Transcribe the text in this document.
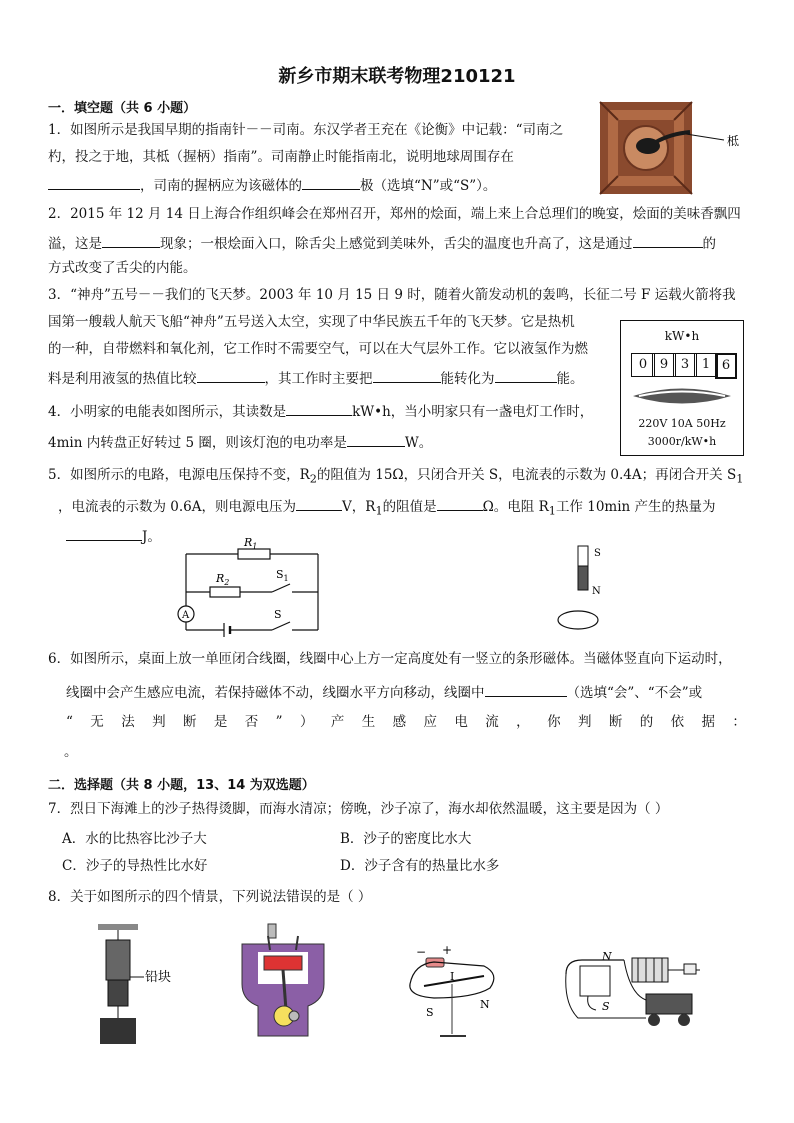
新乡市期末联考物理210121
一．填空题（共 6 小题）
1．如图所示是我国早期的指南针－－司南。东汉学者王充在《论衡》中记载：“司南之
杓，投之于地，其柢（握柄）指南”。司南静止时能指南北，说明地球周围存在
，司南的握柄应为该磁体的	极（选填“N”或“S”）。
柢
2．2015 年 12 月 14 日上海合作组织峰会在郑州召开，郑州的烩面，端上来上合总理们的晚宴，烩面的美味香飘四
溢，这是	现象；一根烩面入口，除舌尖上感觉到美味外，舌尖的温度也升高了，这是通过	的
方式改变了舌尖的内能。
3．“神舟”五号－－我们的飞天梦。2003 年 10 月 15 日 9 时，随着火箭发动机的轰鸣，长征二号 F 运载火箭将我
国第一艘载人航天飞船“神舟”五号送入太空，实现了中华民族五千年的飞天梦。它是热机
的一种，自带燃料和氧化剂，它工作时不需要空气，可以在大气层外工作。它以液氢作为燃
料是利用液氢的热值比较	，其工作时主要把	能转化为	能。
kW•h
0 9 3 1 6
220V 10A 50Hz
3000r/kW•h
4．小明家的电能表如图所示，其读数是	kW•h，当小明家只有一盏电灯工作时，
4min 内转盘正好转过 5 圈，则该灯泡的电功率是	W。
5．如图所示的电路，电源电压保持不变，$R_2$的阻值为 15Ω，只闭合开关 S，电流表的示数为 0.4A；再闭合开关 $S_1$
，电流表的示数为 0.6A，则电源电压为	V，$R_1$的阻值是	Ω。电阻 $R_1$工作 10min 产生的热量为
J。	$R_1$
$R_2$
$S_1$
S
A
S
N
6．如图所示，桌面上放一单匝闭合线圈，线圈中心上方一定高度处有一竖立的条形磁体。当磁体竖直向下运动时，
线圈中会产生感应电流，若保持磁体不动，线圈水平方向移动，线圈中	（选填“会”、“不会”或
“ 无 法 判 断 是 否 ” ） 产 生 感 应 电 流 ， 你 判 断 的 依 据 ：
。
二．选择题（共 8 小题，13、14 为双选题）
7．烈日下海滩上的沙子热得烫脚，而海水清凉；傍晚，沙子凉了，海水却依然温暖，这主要是因为（ ）
A．水的比热容比沙子大	B．沙子的密度比水大
C．沙子的导热性比水好	D．沙子含有的热量比水多
8．关于如图所示的四个情景，下列说法错误的是（ ）
铅块
− +
I
S
N
N
S
